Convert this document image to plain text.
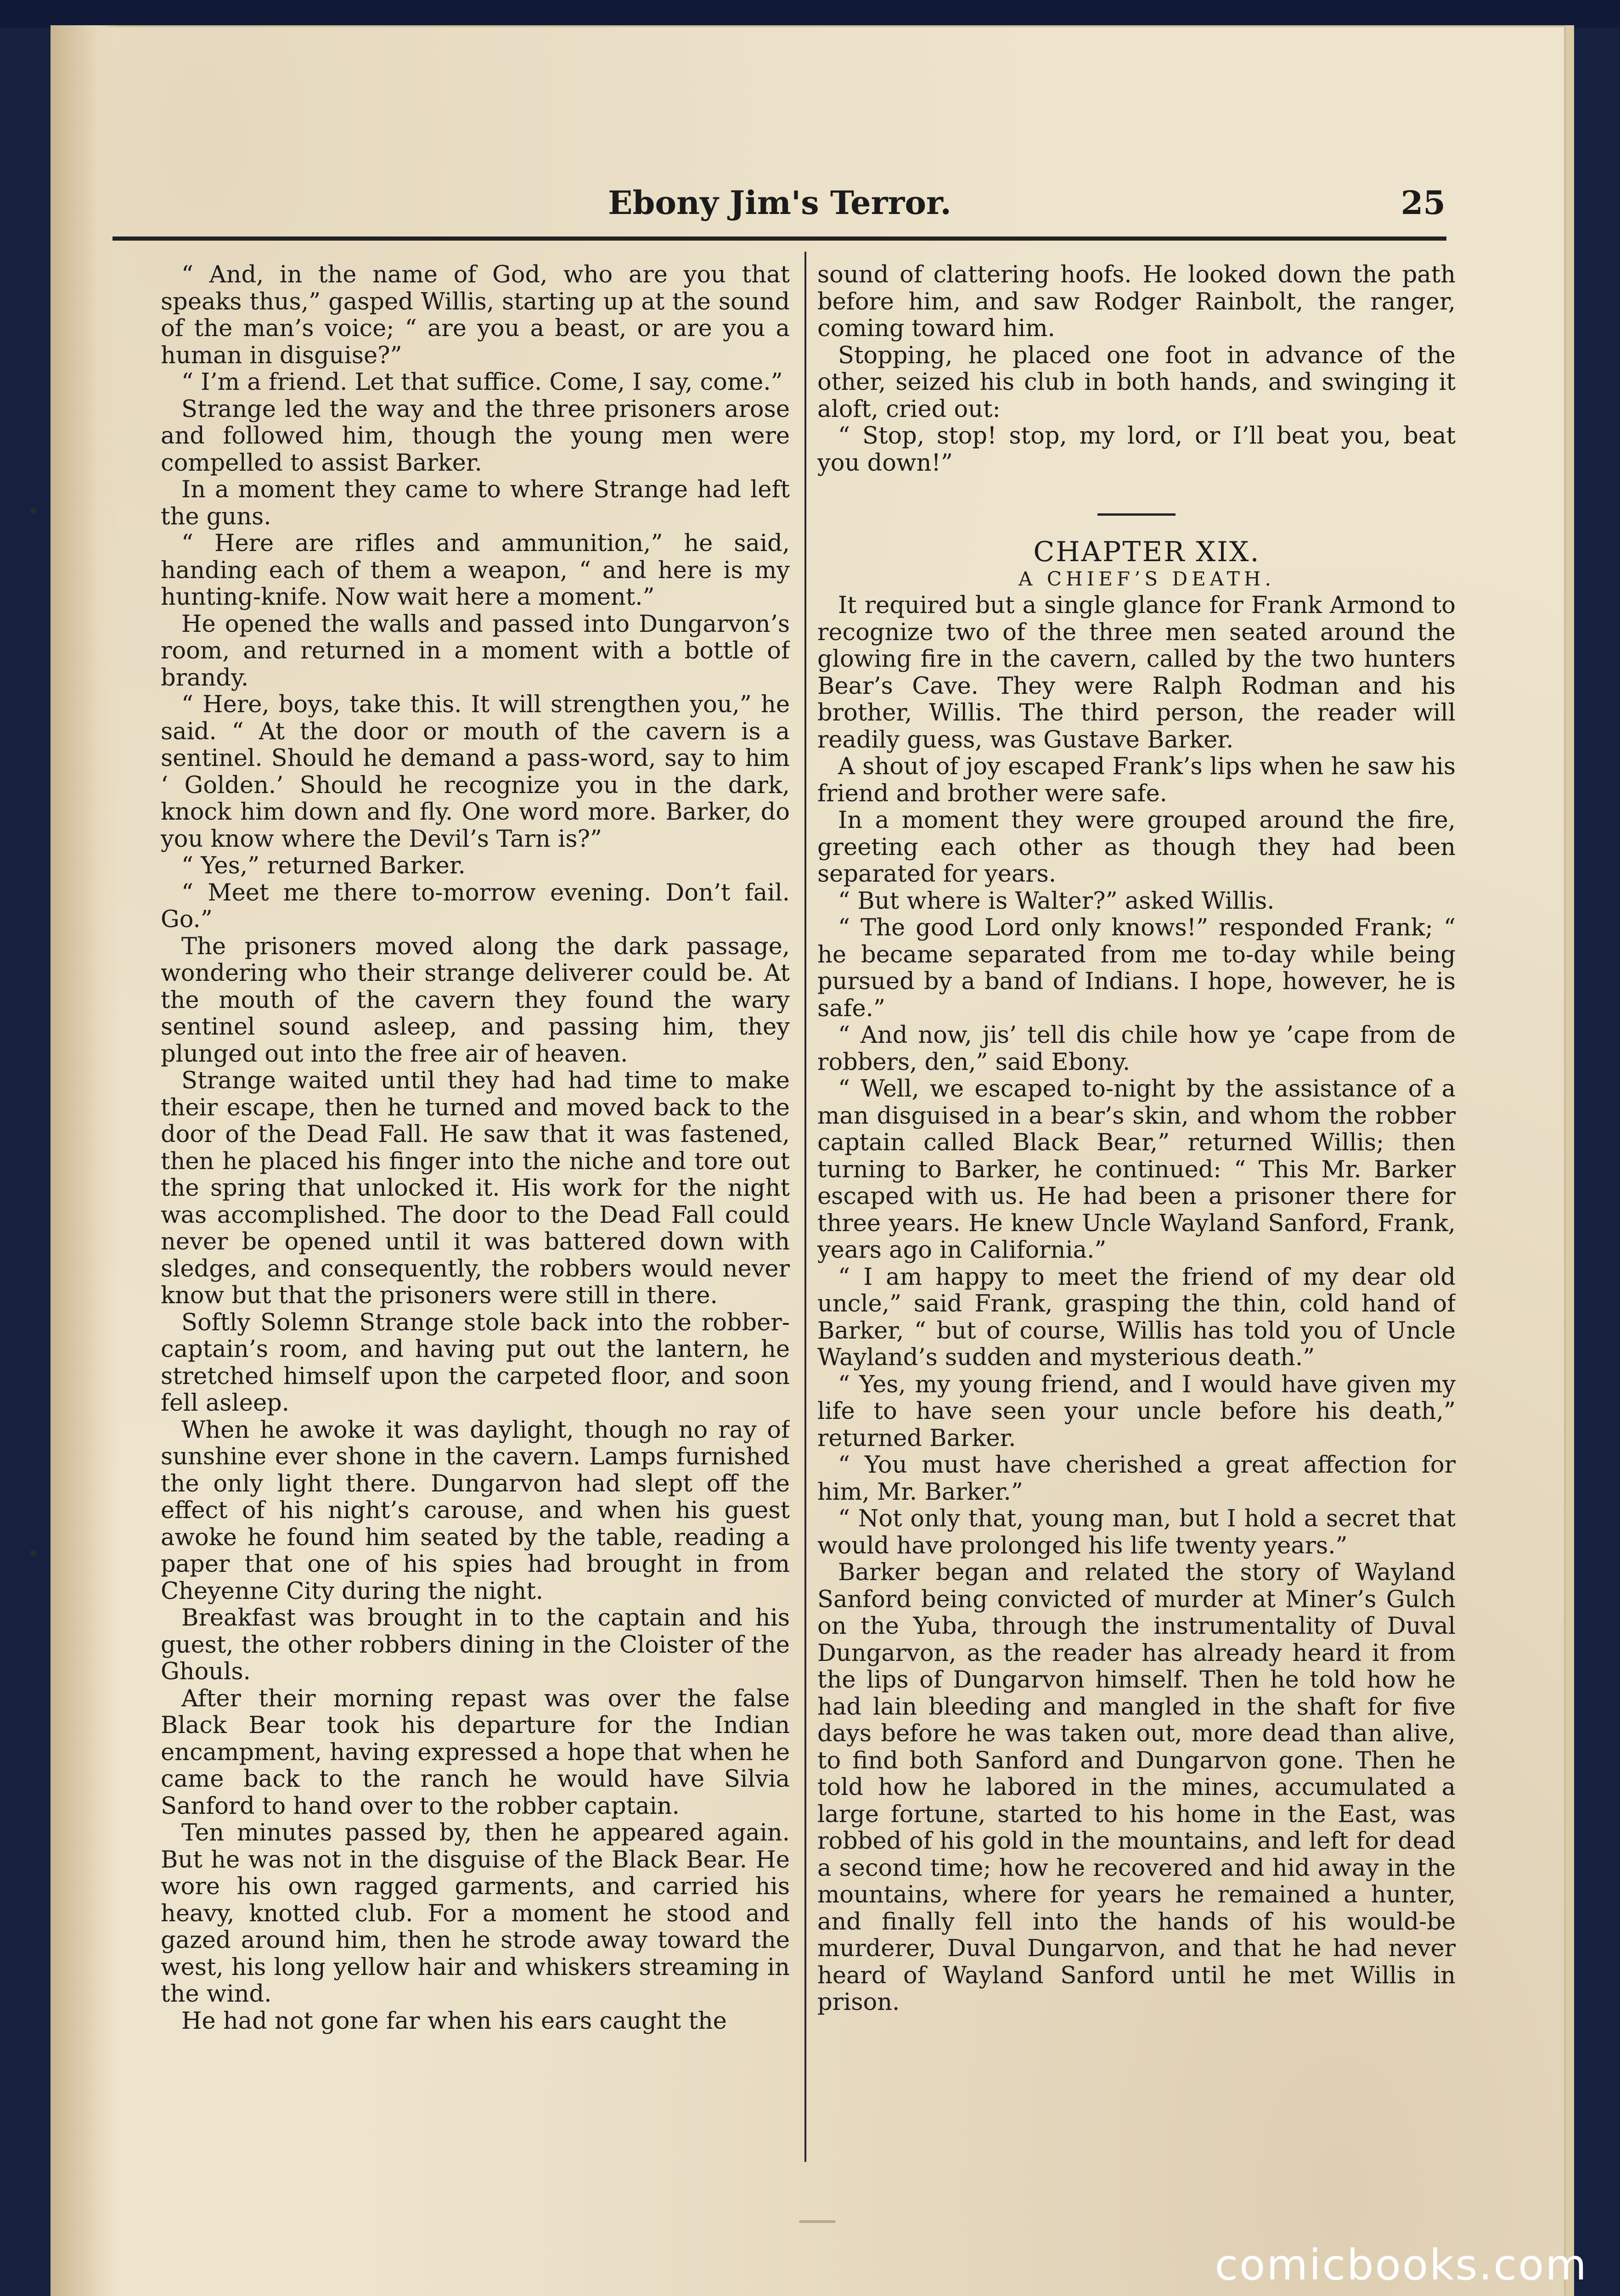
Ebony Jim's Terror.	25

“ And, in the name of God, who are you that speaks thus,” gasped Willis, starting up at the sound of the man’s voice; “ are you a beast, or are you a human in disguise?”

“ I’m a friend. Let that suffice. Come, I say, come.”

Strange led the way and the three prisoners arose and followed him, though the young men were compelled to assist Barker.

In a moment they came to where Strange had left the guns.

“ Here are rifles and ammunition,” he said, handing each of them a weapon, “ and here is my hunting-knife. Now wait here a moment.”

He opened the walls and passed into Dungarvon’s room, and returned in a moment with a bottle of brandy.

“ Here, boys, take this. It will strengthen you,” he said. “ At the door or mouth of the cavern is a sentinel. Should he demand a pass-word, say to him ‘ Golden.’ Should he recognize you in the dark, knock him down and fly. One word more. Barker, do you know where the Devil’s Tarn is?”

“ Yes,” returned Barker.

“ Meet me there to-morrow evening. Don’t fail. Go.”

The prisoners moved along the dark passage, wondering who their strange deliverer could be. At the mouth of the cavern they found the wary sentinel sound asleep, and passing him, they plunged out into the free air of heaven.

Strange waited until they had had time to make their escape, then he turned and moved back to the door of the Dead Fall. He saw that it was fastened, then he placed his finger into the niche and tore out the spring that unlocked it. His work for the night was accomplished. The door to the Dead Fall could never be opened until it was battered down with sledges, and consequently, the robbers would never know but that the prisoners were still in there.

Softly Solemn Strange stole back into the robber-captain’s room, and having put out the lantern, he stretched himself upon the carpeted floor, and soon fell asleep.

When he awoke it was daylight, though no ray of sunshine ever shone in the cavern. Lamps furnished the only light there. Dungarvon had slept off the effect of his night’s carouse, and when his guest awoke he found him seated by the table, reading a paper that one of his spies had brought in from Cheyenne City during the night.

Breakfast was brought in to the captain and his guest, the other robbers dining in the Cloister of the Ghouls.

After their morning repast was over the false Black Bear took his departure for the Indian encampment, having expressed a hope that when he came back to the ranch he would have Silvia Sanford to hand over to the robber captain.

Ten minutes passed by, then he appeared again. But he was not in the disguise of the Black Bear. He wore his own ragged garments, and carried his heavy, knotted club. For a moment he stood and gazed around him, then he strode away toward the west, his long yellow hair and whiskers streaming in the wind.

He had not gone far when his ears caught the

sound of clattering hoofs. He looked down the path before him, and saw Rodger Rainbolt, the ranger, coming toward him.

Stopping, he placed one foot in advance of the other, seized his club in both hands, and swinging it aloft, cried out:

“ Stop, stop! stop, my lord, or I’ll beat you, beat you down!”

CHAPTER XIX.

A CHIEF’S DEATH.

It required but a single glance for Frank Armond to recognize two of the three men seated around the glowing fire in the cavern, called by the two hunters Bear’s Cave. They were Ralph Rodman and his brother, Willis. The third person, the reader will readily guess, was Gustave Barker.

A shout of joy escaped Frank’s lips when he saw his friend and brother were safe.

In a moment they were grouped around the fire, greeting each other as though they had been separated for years.

“ But where is Walter?” asked Willis.

“ The good Lord only knows!” responded Frank; “ he became separated from me to-day while being pursued by a band of Indians. I hope, however, he is safe.”

“ And now, jis’ tell dis chile how ye ’cape from de robbers, den,” said Ebony.

“ Well, we escaped to-night by the assistance of a man disguised in a bear’s skin, and whom the robber captain called Black Bear,” returned Willis; then turning to Barker, he continued: “ This Mr. Barker escaped with us. He had been a prisoner there for three years. He knew Uncle Wayland Sanford, Frank, years ago in California.”

“ I am happy to meet the friend of my dear old uncle,” said Frank, grasping the thin, cold hand of Barker, “ but of course, Willis has told you of Uncle Wayland’s sudden and mysterious death.”

“ Yes, my young friend, and I would have given my life to have seen your uncle before his death,” returned Barker.

“ You must have cherished a great affection for him, Mr. Barker.”

“ Not only that, young man, but I hold a secret that would have prolonged his life twenty years.”

Barker began and related the story of Wayland Sanford being convicted of murder at Miner’s Gulch on the Yuba, through the instrumentality of Duval Dungarvon, as the reader has already heard it from the lips of Dungarvon himself. Then he told how he had lain bleeding and mangled in the shaft for five days before he was taken out, more dead than alive, to find both Sanford and Dungarvon gone. Then he told how he labored in the mines, accumulated a large fortune, started to his home in the East, was robbed of his gold in the mountains, and left for dead a second time; how he recovered and hid away in the mountains, where for years he remained a hunter, and finally fell into the hands of his would-be murderer, Duval Dungarvon, and that he had never heard of Wayland Sanford until he met Willis in prison.

comicbooks.com
